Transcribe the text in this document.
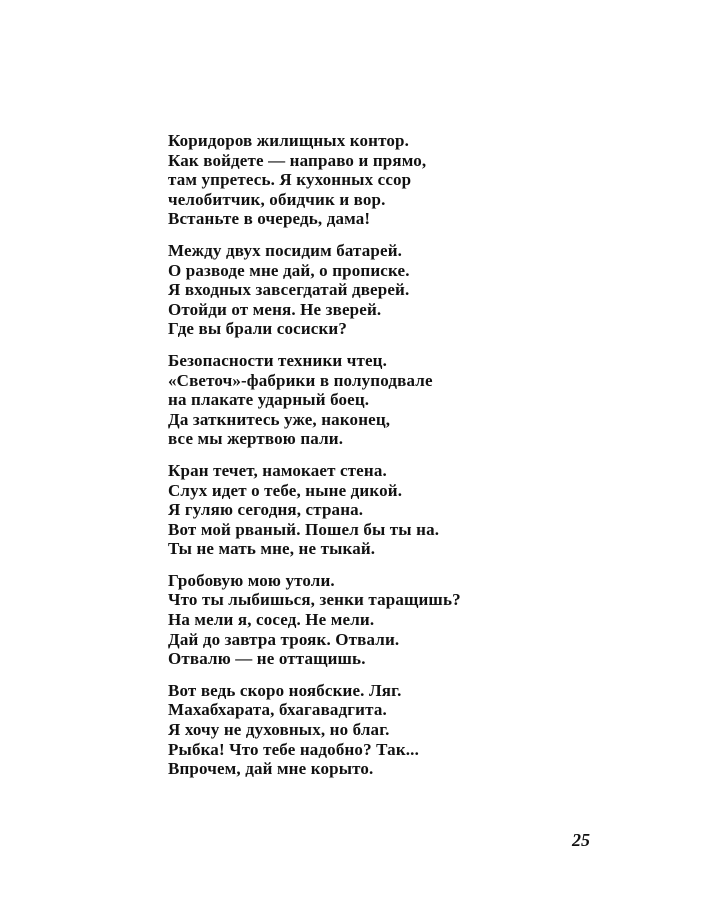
Коридоров жилищных контор.
Как войдете — направо и прямо,
там упретесь. Я кухонных ссор
челобитчик, обидчик и вор.
Встаньте в очередь, дама!
Между двух посидим батарей.
О разводе мне дай, о прописке.
Я входных завсегдатай дверей.
Отойди от меня. Не зверей.
Где вы брали сосиски?
Безопасности техники чтец.
«Светоч»-фабрики в полуподвале
на плакате ударный боец.
Да заткнитесь уже, наконец,
все мы жертвою пали.
Кран течет, намокает стена.
Слух идет о тебе, ныне дикой.
Я гуляю сегодня, страна.
Вот мой рваный. Пошел бы ты на.
Ты не мать мне, не тыкай.
Гробовую мою утоли.
Что ты лыбишься, зенки таращишь?
На мели я, сосед. Не мели.
Дай до завтра трояк. Отвали.
Отвалю — не оттащишь.
Вот ведь скоро ноябские. Ляг.
Махабхарата, бхагавадгита.
Я хочу не духовных, но благ.
Рыбка! Что тебе надобно? Так...
Впрочем, дай мне корыто.
25
